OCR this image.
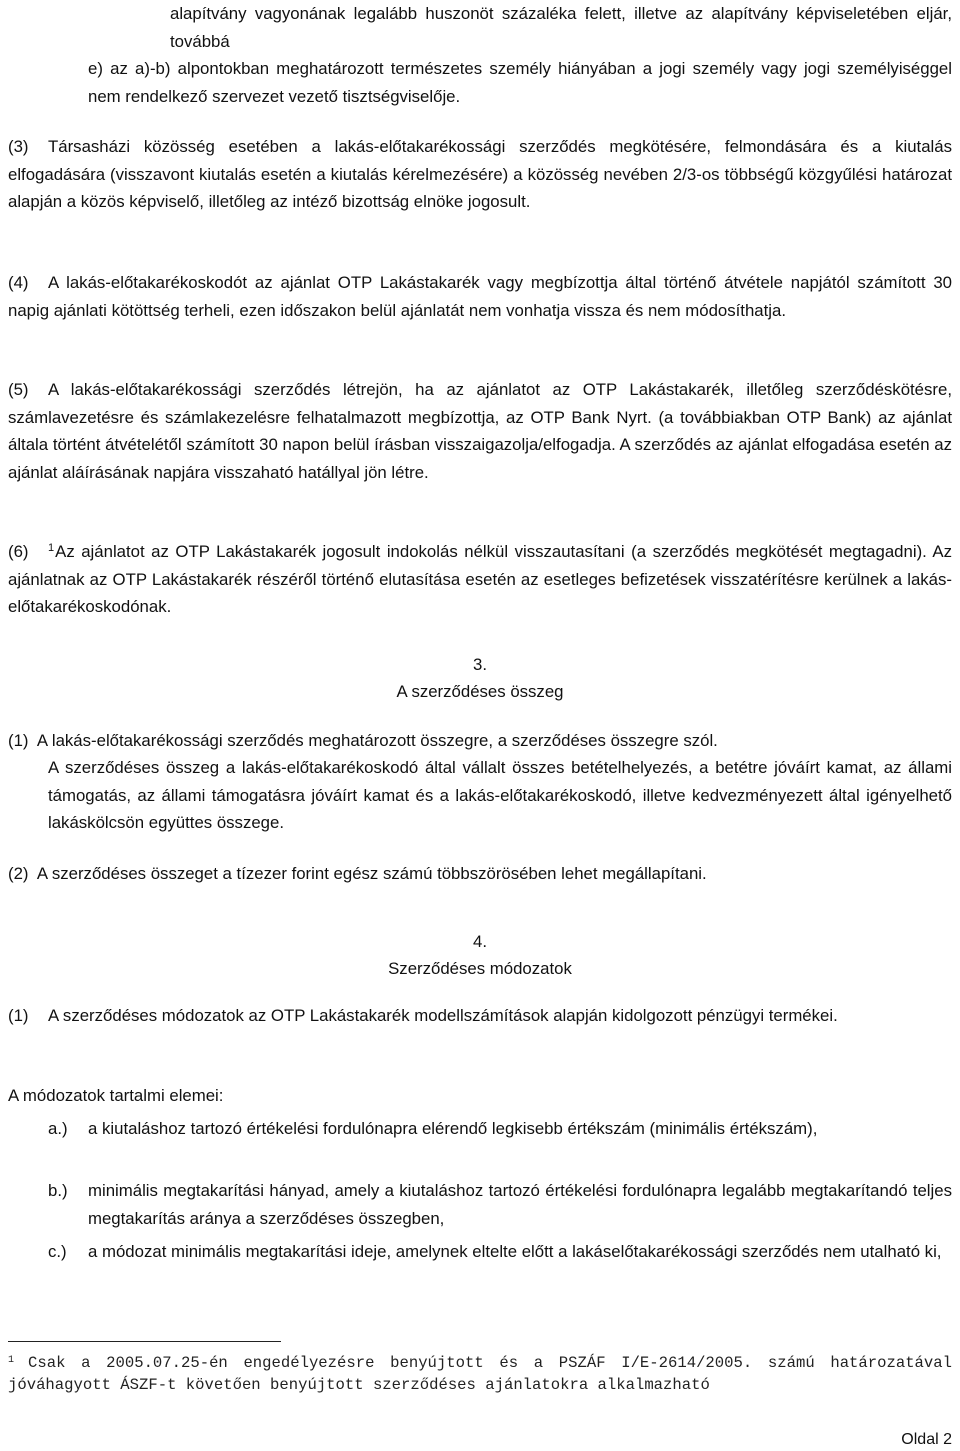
alapítvány vagyonának legalább huszonöt százaléka felett, illetve az alapítvány képviseletében eljár, továbbá
e) az a)-b) alpontokban meghatározott természetes személy hiányában a jogi személy vagy jogi személyiséggel nem rendelkező szervezet vezető tisztségviselője.
(3) Társasházi közösség esetében a lakás-előtakarékossági szerződés megkötésére, felmondására és a kiutalás elfogadására (visszavont kiutalás esetén a kiutalás kérelmezésére) a közösség nevében 2/3-os többségű közgyűlési határozat alapján a közös képviselő, illetőleg az intéző bizottság elnöke jogosult.
(4) A lakás-előtakarékoskodót az ajánlat OTP Lakástakarék vagy megbízottja által történő átvétele napjától számított 30 napig ajánlati kötöttség terheli, ezen időszakon belül ajánlatát nem vonhatja vissza és nem módosíthatja.
(5) A lakás-előtakarékossági szerződés létrejön, ha az ajánlatot az OTP Lakástakarék, illetőleg szerződéskötésre, számlavezetésre és számlakezelésre felhatalmazott megbízottja, az OTP Bank Nyrt. (a továbbiakban OTP Bank) az ajánlat általa történt átvételétől számított 30 napon belül írásban visszaigazolja/elfogadja. A szerződés az ajánlat elfogadása esetén az ajánlat aláírásának napjára visszaható hatállyal jön létre.
(6) $^1$Az ajánlatot az OTP Lakástakarék jogosult indokolás nélkül visszautasítani (a szerződés megkötését megtagadni). Az ajánlatnak az OTP Lakástakarék részéről történő elutasítása esetén az esetleges befizetések visszatérítésre kerülnek a lakás-előtakarékoskodónak.
3.
A szerződéses összeg
(1) A lakás-előtakarékossági szerződés meghatározott összegre, a szerződéses összegre szól.
A szerződéses összeg a lakás-előtakarékoskodó által vállalt összes betételhelyezés, a betétre jóváírt kamat, az állami támogatás, az állami támogatásra jóváírt kamat és a lakás-előtakarékoskodó, illetve kedvezményezett által igényelhető lakáskölcsön együttes összege.
(2) A szerződéses összeget a tízezer forint egész számú többszörösében lehet megállapítani.
4.
Szerződéses módozatok
(1) A szerződéses módozatok az OTP Lakástakarék modellszámítások alapján kidolgozott pénzügyi termékei.
A módozatok tartalmi elemei:
a.) a kiutaláshoz tartozó értékelési fordulónapra elérendő legkisebb értékszám (minimális értékszám),
b.) minimális megtakarítási hányad, amely a kiutaláshoz tartozó értékelési fordulónapra legalább megtakarítandó teljes megtakarítás aránya a szerződéses összegben,
c.) a módozat minimális megtakarítási ideje, amelynek eltelte előtt a lakáselőtakarékossági szerződés nem utalható ki,
$^1$ Csak a 2005.07.25-én engedélyezésre benyújtott és a PSZÁF I/E-2614/2005. számú határozatával jóváhagyott ÁSZF-t követően benyújtott szerződéses ajánlatokra alkalmazható
Oldal 2
